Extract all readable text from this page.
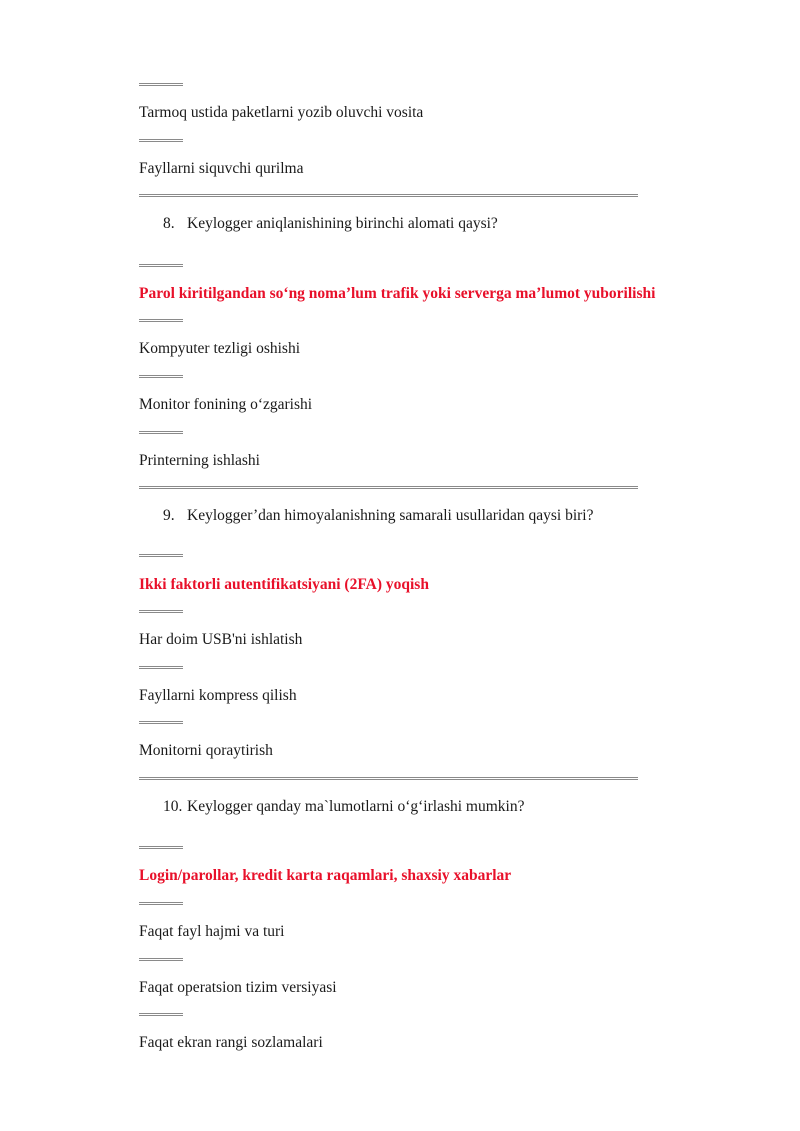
Tarmoq ustida paketlarni yozib oluvchi vosita
Fayllarni siquvchi qurilma
8. Keylogger aniqlanishining birinchi alomati qaysi?
Parol kiritilgandan so‘ng noma’lum trafik yoki serverga ma’lumot yuborilishi
Kompyuter tezligi oshishi
Monitor fonining o‘zgarishi
Printerning ishlashi
9. Keylogger’dan himoyalanishning samarali usullaridan qaysi biri?
Ikki faktorli autentifikatsiyani (2FA) yoqish
Har doim USB'ni ishlatish
Fayllarni kompress qilish
Monitorni qoraytirish
10. Keylogger qanday ma`lumotlarni o‘g‘irlashi mumkin?
Login/parollar, kredit karta raqamlari, shaxsiy xabarlar
Faqat fayl hajmi va turi
Faqat operatsion tizim versiyasi
Faqat ekran rangi sozlamalari
